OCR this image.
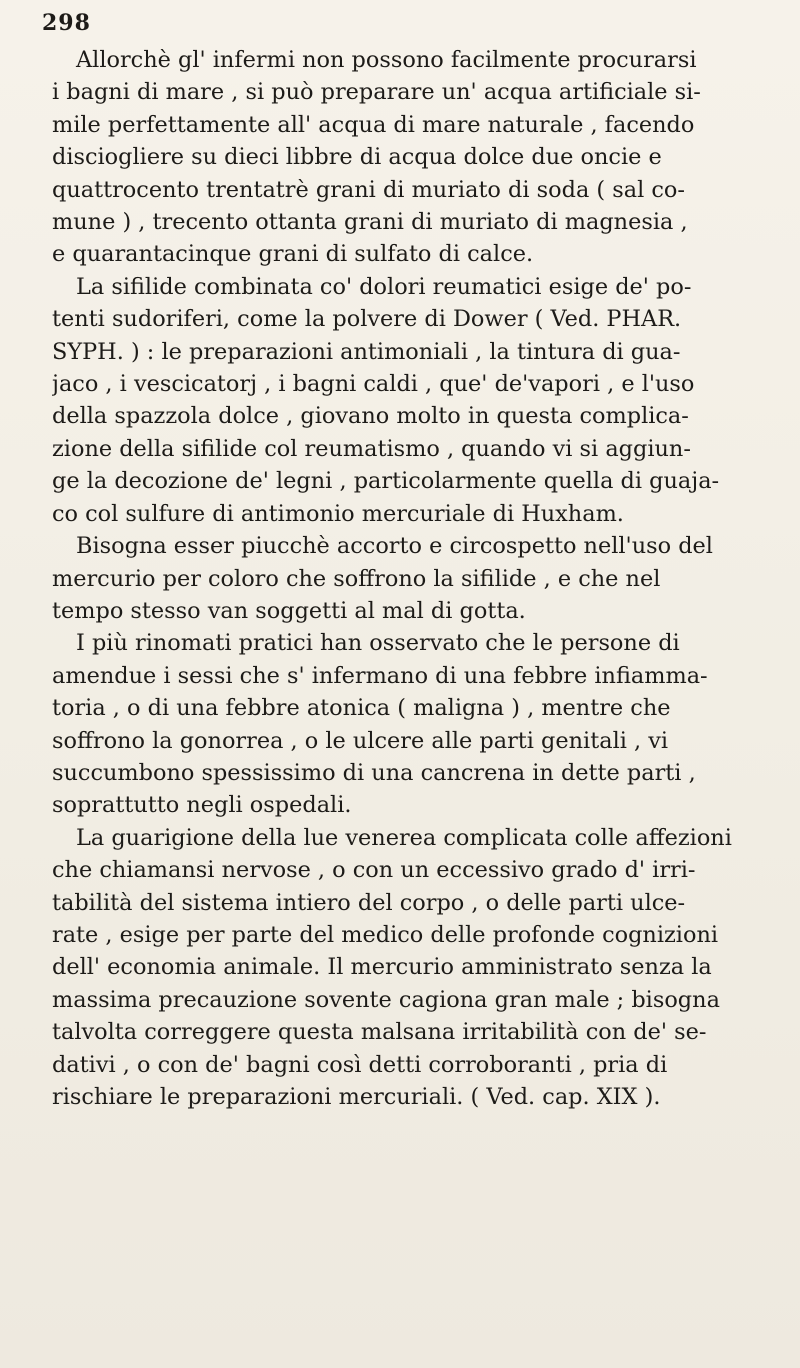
298

Allorchè gl' infermi non possono facilmente procurarsi
i bagni di mare , si può preparare un' acqua artificiale si-
mile perfettamente all' acqua di mare naturale , facendo
disciogliere su dieci libbre di acqua dolce due oncie e
quattrocento trentatrè grani di muriato di soda ( sal co-
mune ) , trecento ottanta grani di muriato di magnesia ,
e quarantacinque grani di sulfato di calce.

La sifilide combinata co' dolori reumatici esige de' po-
tenti sudoriferi, come la polvere di Dower ( Ved. PHAR.
SYPH. ) : le preparazioni antimoniali , la tintura di gua-
jaco , i vescicatorj , i bagni caldi , que' de'vapori , e l'uso
della spazzola dolce , giovano molto in questa complica-
zione della sifilide col reumatismo , quando vi si aggiun-
ge la decozione de' legni , particolarmente quella di guaja-
co col sulfure di antimonio mercuriale di Huxham.

Bisogna esser piucchè accorto e circospetto nell'uso del
mercurio per coloro che soffrono la sifilide , e che nel
tempo stesso van soggetti al mal di gotta.

I più rinomati pratici han osservato che le persone di
amendue i sessi che s' infermano di una febbre infiamma-
toria , o di una febbre atonica ( maligna ) , mentre che
soffrono la gonorrea , o le ulcere alle parti genitali , vi
succumbono spessissimo di una cancrena in dette parti ,
soprattutto negli ospedali.

La guarigione della lue venerea complicata colle affezioni
che chiamansi nervose , o con un eccessivo grado d' irri-
tabilità del sistema intiero del corpo , o delle parti ulce-
rate , esige per parte del medico delle profonde cognizioni
dell' economia animale. Il mercurio amministrato senza la
massima precauzione sovente cagiona gran male ; bisogna
talvolta correggere questa malsana irritabilità con de' se-
dativi , o con de' bagni così detti corroboranti , pria di
rischiare le preparazioni mercuriali. ( Ved. cap. XIX ).
